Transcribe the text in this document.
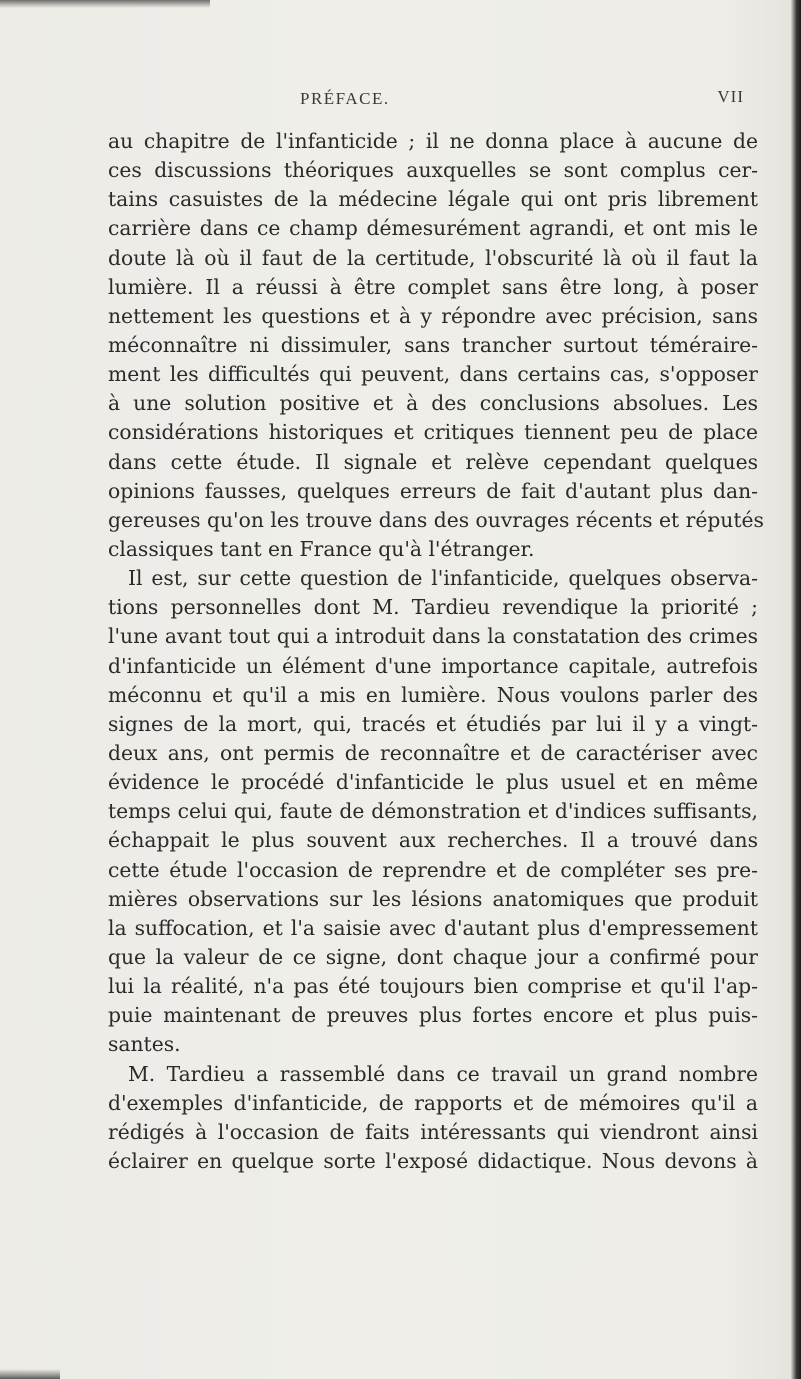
PRÉFACE.	VII
au chapitre de l'infanticide ; il ne donna place à aucune de
ces discussions théoriques auxquelles se sont complus cer-
tains casuistes de la médecine légale qui ont pris librement
carrière dans ce champ démesurément agrandi, et ont mis le
doute là où il faut de la certitude, l'obscurité là où il faut la
lumière. Il a réussi à être complet sans être long, à poser
nettement les questions et à y répondre avec précision, sans
méconnaître ni dissimuler, sans trancher surtout téméraire-
ment les difficultés qui peuvent, dans certains cas, s'opposer
à une solution positive et à des conclusions absolues. Les
considérations historiques et critiques tiennent peu de place
dans cette étude. Il signale et relève cependant quelques
opinions fausses, quelques erreurs de fait d'autant plus dan-
gereuses qu'on les trouve dans des ouvrages récents et réputés
classiques tant en France qu'à l'étranger.
Il est, sur cette question de l'infanticide, quelques observa-
tions personnelles dont M. Tardieu revendique la priorité ;
l'une avant tout qui a introduit dans la constatation des crimes
d'infanticide un élément d'une importance capitale, autrefois
méconnu et qu'il a mis en lumière. Nous voulons parler des
signes de la mort, qui, tracés et étudiés par lui il y a vingt-
deux ans, ont permis de reconnaître et de caractériser avec
évidence le procédé d'infanticide le plus usuel et en même
temps celui qui, faute de démonstration et d'indices suffisants,
échappait le plus souvent aux recherches. Il a trouvé dans
cette étude l'occasion de reprendre et de compléter ses pre-
mières observations sur les lésions anatomiques que produit
la suffocation, et l'a saisie avec d'autant plus d'empressement
que la valeur de ce signe, dont chaque jour a confirmé pour
lui la réalité, n'a pas été toujours bien comprise et qu'il l'ap-
puie maintenant de preuves plus fortes encore et plus puis-
santes.
M. Tardieu a rassemblé dans ce travail un grand nombre
d'exemples d'infanticide, de rapports et de mémoires qu'il a
rédigés à l'occasion de faits intéressants qui viendront ainsi
éclairer en quelque sorte l'exposé didactique. Nous devons à
